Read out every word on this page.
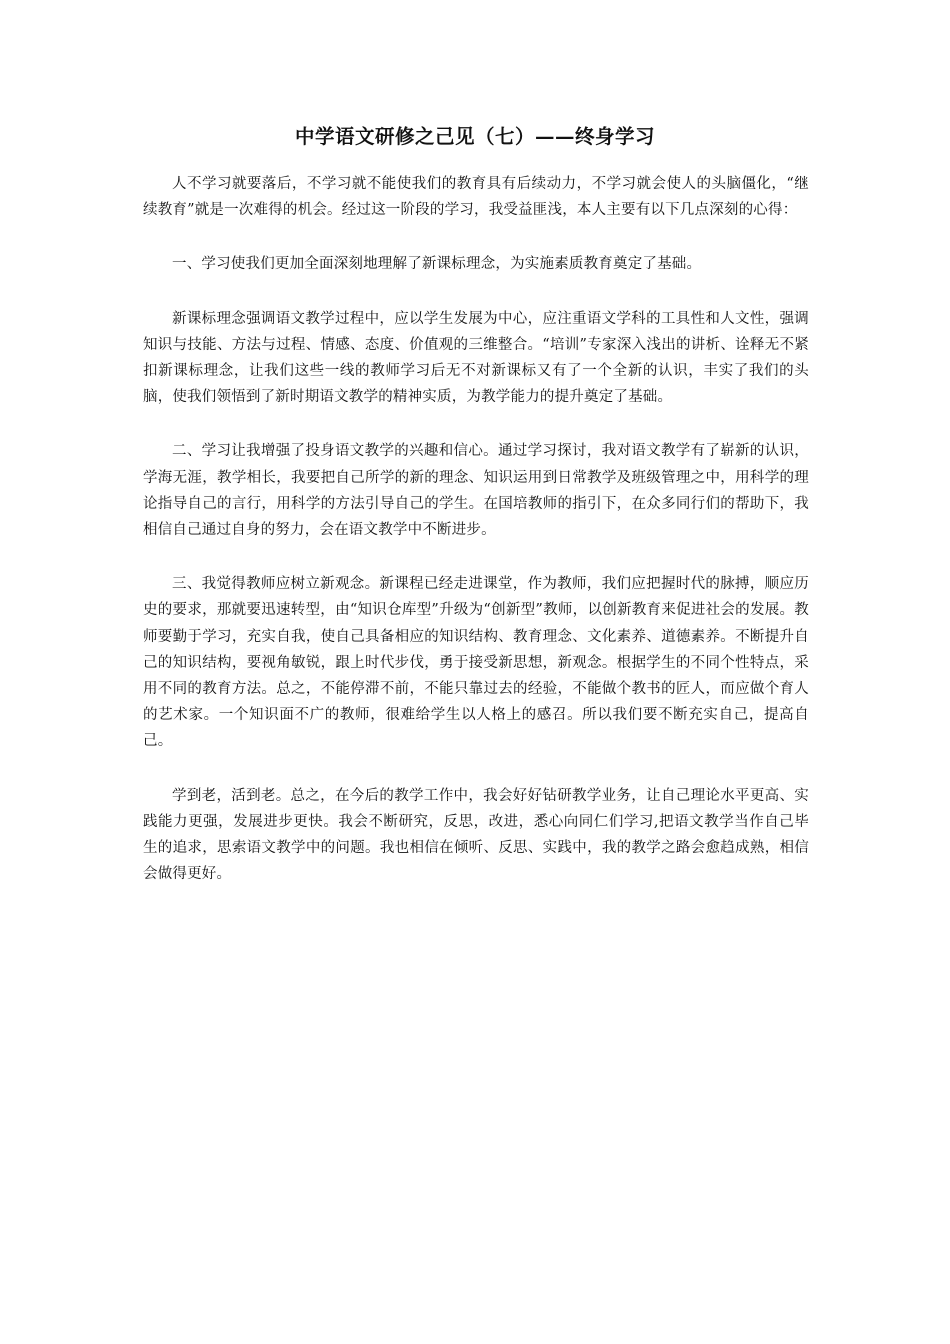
中学语文研修之己见（七）——终身学习

人不学习就要落后，不学习就不能使我们的教育具有后续动力，不学习就会使人的头脑僵化，“继续教育”就是一次难得的机会。经过这一阶段的学习，我受益匪浅，本人主要有以下几点深刻的心得：

一、学习使我们更加全面深刻地理解了新课标理念，为实施素质教育奠定了基础。

新课标理念强调语文教学过程中，应以学生发展为中心，应注重语文学科的工具性和人文性，强调知识与技能、方法与过程、情感、态度、价值观的三维整合。“培训”专家深入浅出的讲析、诠释无不紧扣新课标理念，让我们这些一线的教师学习后无不对新课标又有了一个全新的认识，丰实了我们的头脑，使我们领悟到了新时期语文教学的精神实质，为教学能力的提升奠定了基础。

二、学习让我增强了投身语文教学的兴趣和信心。通过学习探讨，我对语文教学有了崭新的认识，学海无涯，教学相长，我要把自己所学的新的理念、知识运用到日常教学及班级管理之中，用科学的理论指导自己的言行，用科学的方法引导自己的学生。在国培教师的指引下，在众多同行们的帮助下，我相信自己通过自身的努力，会在语文教学中不断进步。

三、我觉得教师应树立新观念。新课程已经走进课堂，作为教师，我们应把握时代的脉搏，顺应历史的要求，那就要迅速转型，由“知识仓库型”升级为“创新型”教师，以创新教育来促进社会的发展。教师要勤于学习，充实自我，使自己具备相应的知识结构、教育理念、文化素养、道德素养。不断提升自己的知识结构，要视角敏锐，跟上时代步伐，勇于接受新思想，新观念。根据学生的不同个性特点，采用不同的教育方法。总之，不能停滞不前，不能只靠过去的经验，不能做个教书的匠人，而应做个育人的艺术家。一个知识面不广的教师，很难给学生以人格上的感召。所以我们要不断充实自己，提高自己。

学到老，活到老。总之，在今后的教学工作中，我会好好钻研教学业务，让自己理论水平更高、实践能力更强，发展进步更快。我会不断研究，反思，改进，悉心向同仁们学习,把语文教学当作自己毕生的追求，思索语文教学中的问题。我也相信在倾听、反思、实践中，我的教学之路会愈趋成熟，相信会做得更好。
